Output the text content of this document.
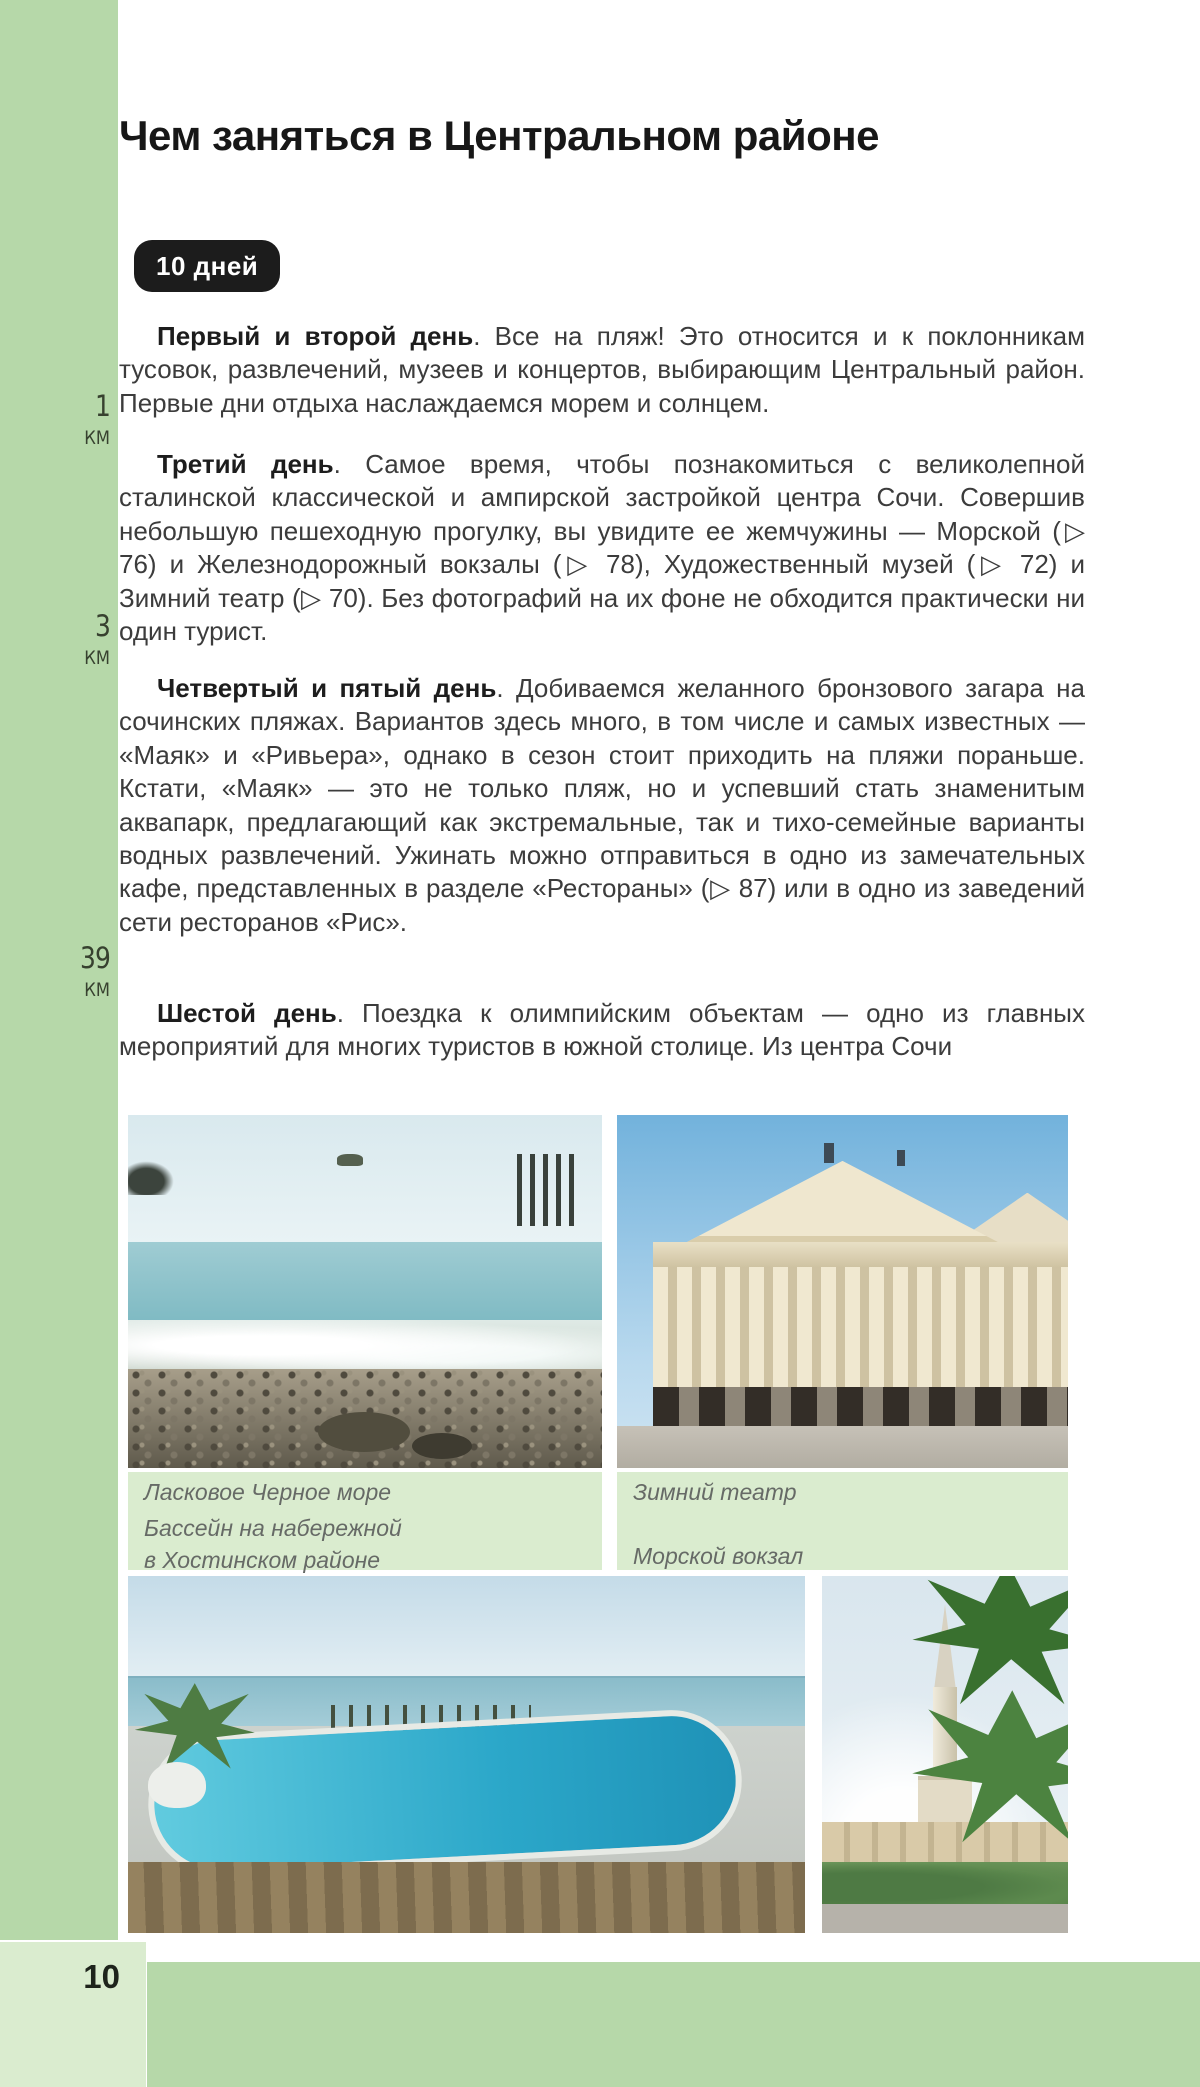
1
КМ
3
КМ
39
КМ
Чем заняться в Центральном районе
10 дней

Первый и второй день. Все на пляж! Это относится и к поклонникам тусовок, развлечений, музеев и концертов, выбирающим Центральный район. Первые дни отдыха наслаждаемся морем и солнцем.

Третий день. Самое время, чтобы познакомиться с великолепной сталинской классической и ампирской застройкой центра Сочи. Совершив небольшую пешеходную прогулку, вы увидите ее жемчужины — Морской (▷ 76) и Железнодорожный вокзалы (▷ 78), Художественный музей (▷ 72) и Зимний театр (▷ 70). Без фотографий на их фоне не обходится практически ни один турист.

Четвертый и пятый день. Добиваемся желанного бронзового загара на сочинских пляжах. Вариантов здесь много, в том числе и самых известных — «Маяк» и «Ривьера», однако в сезон стоит приходить на пляжи пораньше. Кстати, «Маяк» — это не только пляж, но и успевший стать знаменитым аквапарк, предлагающий как экстремальные, так и тихо-семейные варианты водных развлечений. Ужинать можно отправиться в одно из замечательных кафе, представленных в разделе «Рестораны» (▷ 87) или в одно из заведений сети ресторанов «Рис».

Шестой день. Поездка к олимпийским объектам — одно из главных мероприятий для многих туристов в южной столице. Из центра Сочи

Ласковое Черное море

Бассейн на набережной

в Хостинском районе

Зимний театр

Морской вокзал

10
